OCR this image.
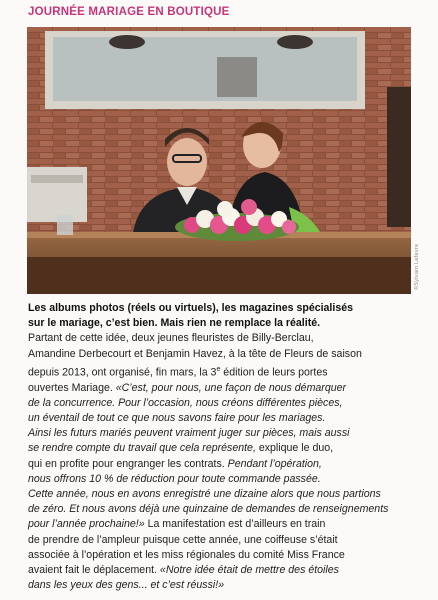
JOURNÉE MARIAGE EN BOUTIQUE
©Sylvain Lefevre
Les albums photos (réels ou virtuels), les magazines spécialisés
sur le mariage, c’est bien. Mais rien ne remplace la réalité.
Partant de cette idée, deux jeunes fleuristes de Billy-Berclau,
Amandine Derbecourt et Benjamin Havez, à la tête de Fleurs de saison
depuis 2013, ont organisé, fin mars, la 3e édition de leurs portes
ouvertes Mariage. «C’est, pour nous, une façon de nous démarquer
de la concurrence. Pour l’occasion, nous créons différentes pièces,
un éventail de tout ce que nous savons faire pour les mariages.
Ainsi les futurs mariés peuvent vraiment juger sur pièces, mais aussi
se rendre compte du travail que cela représente, explique le duo,
qui en profite pour engranger les contrats. Pendant l’opération,
nous offrons 10 % de réduction pour toute commande passée.
Cette année, nous en avons enregistré une dizaine alors que nous partions
de zéro. Et nous avons déjà une quinzaine de demandes de renseignements
pour l’année prochaine!» La manifestation est d’ailleurs en train
de prendre de l’ampleur puisque cette année, une coiffeuse s’était
associée à l’opération et les miss régionales du comité Miss France
avaient fait le déplacement. «Notre idée était de mettre des étoiles
dans les yeux des gens... et c’est réussi!»
